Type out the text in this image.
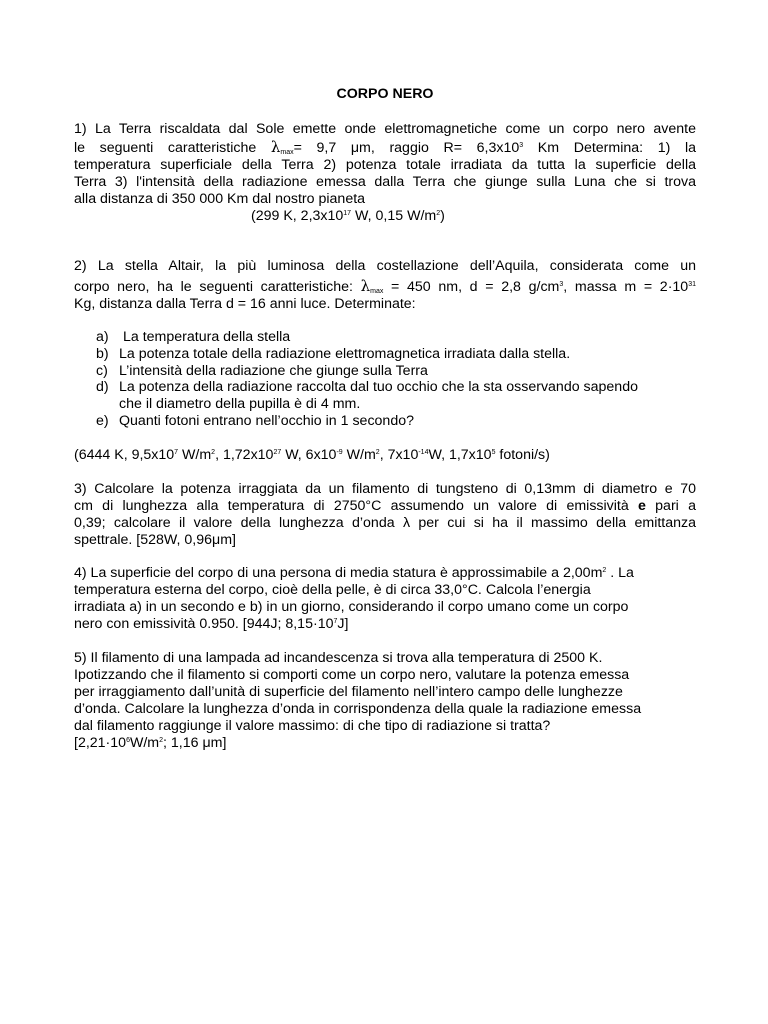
CORPO NERO
1) La Terra riscaldata dal Sole emette onde elettromagnetiche come un corpo nero avente
le seguenti caratteristiche $\lambda_{max}= 9,7$ μm, raggio $R= 6,3x10^3$ Km Determina: 1) la
temperatura superficiale della Terra 2) potenza totale irradiata da tutta la superficie della
Terra 3) l'intensità della radiazione emessa dalla Terra che giunge sulla Luna che si trova
alla distanza di 350 000 Km dal nostro pianeta
(299 K, $2,3x10^{17}$ W, 0,15 $W/m^2$)
2) La stella Altair, la più luminosa della costellazione dell’Aquila, considerata come un
corpo nero, ha le seguenti caratteristiche: $\lambda_{max} = 450$ nm, d = 2,8 $g/cm^3$, massa $m = 2\cdot 10^{31}$
Kg, distanza dalla Terra d = 16 anni luce. Determinate:
a) La temperatura della stella
b) La potenza totale della radiazione elettromagnetica irradiata dalla stella.
c) L’intensità della radiazione che giunge sulla Terra
d) La potenza della radiazione raccolta dal tuo occhio che la sta osservando sapendo
che il diametro della pupilla è di 4 mm.
e) Quanti fotoni entrano nell’occhio in 1 secondo?
(6444 K, $9,5x10^7$ $W/m^2$, $1,72x10^{27}$ W, $6x10^{-9}$ $W/m^2$, $7x10^{-14}W$, $1,7x10^5$ fotoni/s)
3) Calcolare la potenza irraggiata da un filamento di tungsteno di 0,13mm di diametro e 70
cm di lunghezza alla temperatura di 2750°C assumendo un valore di emissività e pari a
0,39; calcolare il valore della lunghezza d’onda λ per cui si ha il massimo della emittanza
spettrale. [528W, 0,96μm]
4) La superficie del corpo di una persona di media statura è approssimabile a $2,00m^2$ . La
temperatura esterna del corpo, cioè della pelle, è di circa 33,0°C. Calcola l’energia
irradiata a) in un secondo e b) in un giorno, considerando il corpo umano come un corpo
nero con emissività 0.950. [944J; $8,15\cdot 10^7J$]
5) Il filamento di una lampada ad incandescenza si trova alla temperatura di 2500 K.
Ipotizzando che il filamento si comporti come un corpo nero, valutare la potenza emessa
per irraggiamento dall’unità di superficie del filamento nell’intero campo delle lunghezze
d’onda. Calcolare la lunghezza d’onda in corrispondenza della quale la radiazione emessa
dal filamento raggiunge il valore massimo: di che tipo di radiazione si tratta?
[$2,21\cdot 10^6W/m^2$; 1,16 μm]
